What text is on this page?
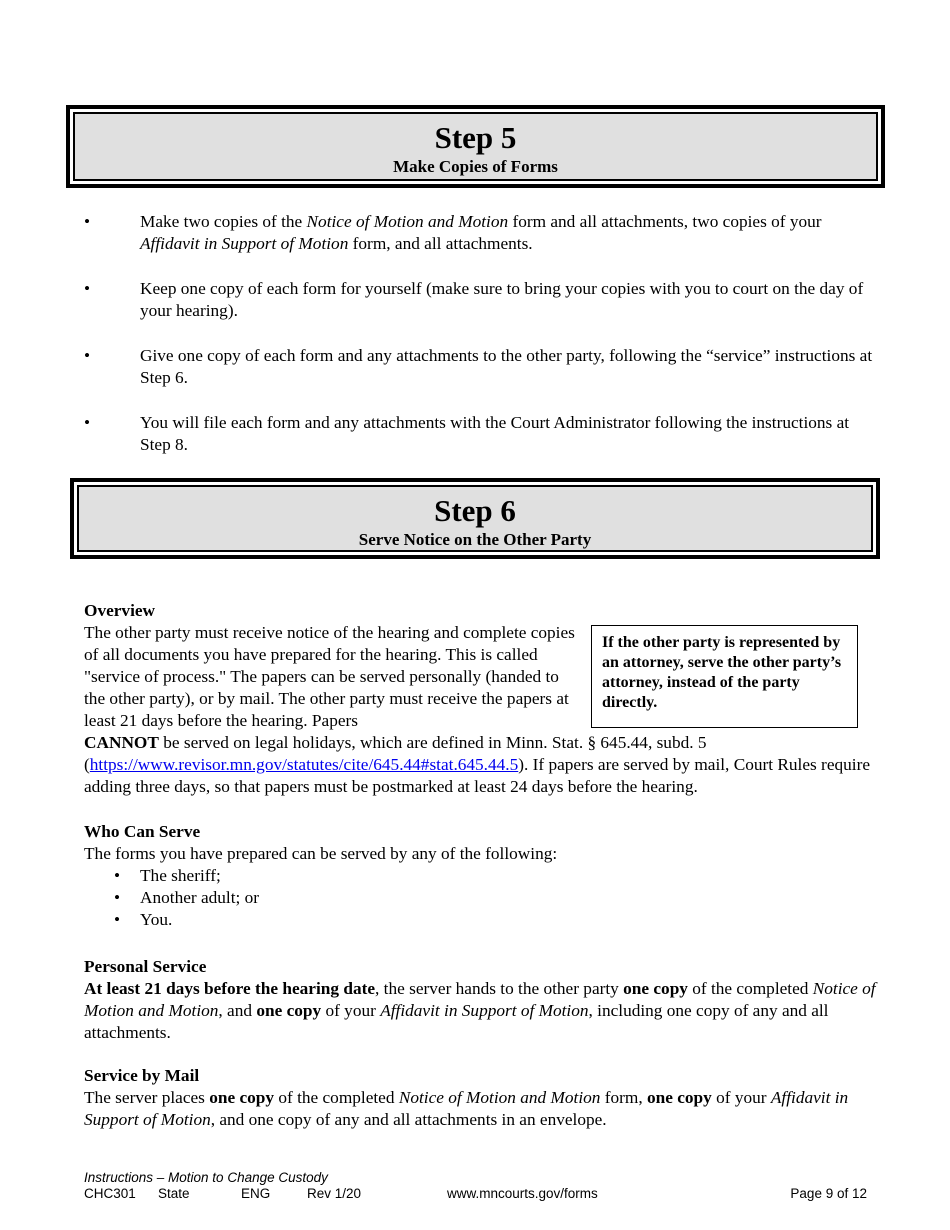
Step 5
Make Copies of Forms
•	Make two copies of the Notice of Motion and Motion form and all attachments, two copies of your Affidavit in Support of Motion form, and all attachments.
•	Keep one copy of each form for yourself (make sure to bring your copies with you to court on the day of your hearing).
•	Give one copy of each form and any attachments to the other party, following the “service” instructions at Step 6.
•	You will file each form and any attachments with the Court Administrator following the instructions at Step 8.
Step 6
Serve Notice on the Other Party
If the other party is represented by an attorney, serve the other party’s attorney, instead of the party directly.
Overview
The other party must receive notice of the hearing and complete copies of all documents you have prepared for the hearing. This is called "service of process." The papers can be served personally (handed to the other party), or by mail. The other party must receive the papers at least 21 days before the hearing. Papers
CANNOT be served on legal holidays, which are defined in Minn. Stat. § 645.44, subd. 5 (https://www.revisor.mn.gov/statutes/cite/645.44#stat.645.44.5). If papers are served by mail, Court Rules require adding three days, so that papers must be postmarked at least 24 days before the hearing.
Who Can Serve
The forms you have prepared can be served by any of the following:
• The sheriff;
• Another adult; or
• You.
Personal Service
At least 21 days before the hearing date, the server hands to the other party one copy of the completed Notice of Motion and Motion, and one copy of your Affidavit in Support of Motion, including one copy of any and all attachments.
Service by Mail
The server places one copy of the completed Notice of Motion and Motion form, one copy of your Affidavit in Support of Motion, and one copy of any and all attachments in an envelope.
Instructions – Motion to Change Custody
CHC301 State	ENG	Rev 1/20	www.mncourts.gov/forms	Page 9 of 12
